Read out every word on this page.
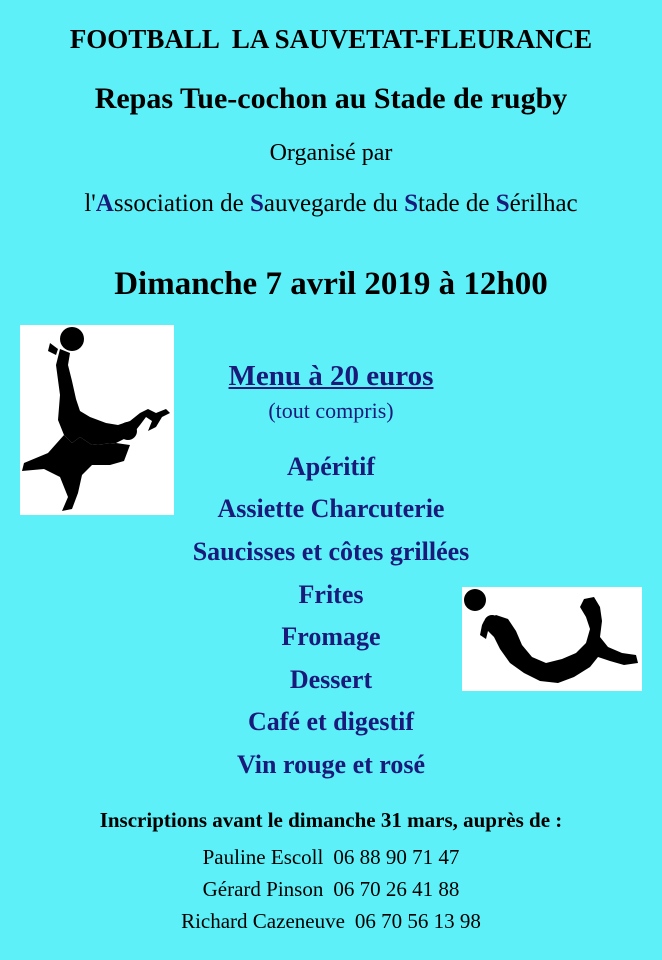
FOOTBALL  LA SAUVETAT-FLEURANCE
Repas Tue-cochon au Stade de rugby
Organisé par
l'Association de Sauvegarde du Stade de Sérilhac
Dimanche 7 avril 2019 à 12h00
Menu à 20 euros
(tout compris)
Apéritif
Assiette Charcuterie
Saucisses et côtes grillées
Frites
Fromage
Dessert
Café et digestif
Vin rouge et rosé
Inscriptions avant le dimanche 31 mars, auprès de :
Pauline Escoll 06 88 90 71 47
Gérard Pinson 06 70 26 41 88
Richard Cazeneuve 06 70 56 13 98
